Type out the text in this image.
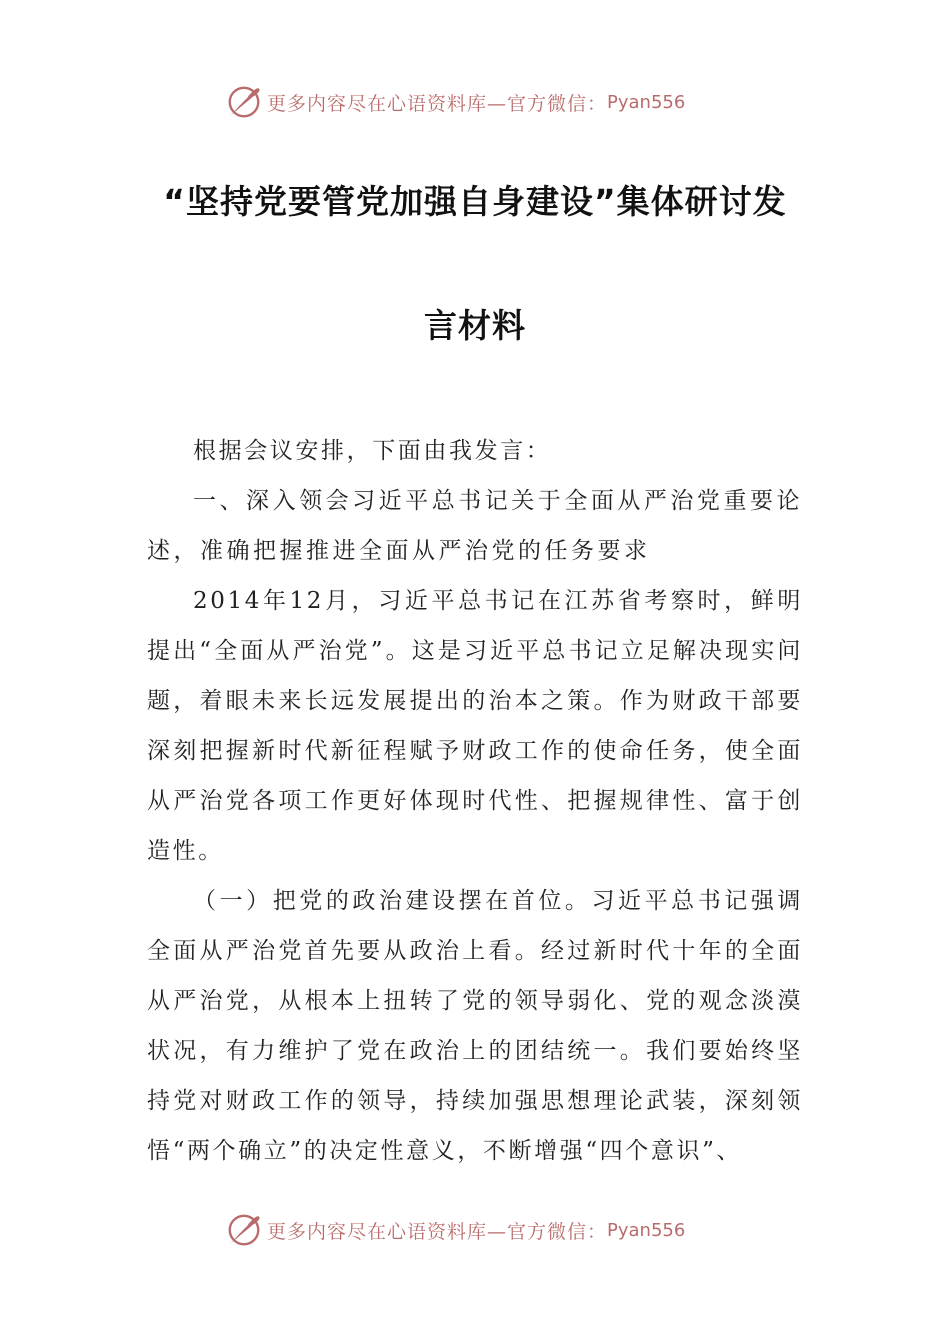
更多内容尽在心语资料库—官方微信： Pyan556
“坚持党要管党加强自身建设”集体研讨发
言材料

根据会议安排，下面由我发言：

一、深入领会习近平总书记关于全面从严治党重要论述，准确把握推进全面从严治党的任务要求

2014年12月，习近平总书记在江苏省考察时，鲜明提出“全面从严治党”。这是习近平总书记立足解决现实问题，着眼未来长远发展提出的治本之策。作为财政干部要深刻把握新时代新征程赋予财政工作的使命任务，使全面从严治党各项工作更好体现时代性、把握规律性、富于创造性。

（一）把党的政治建设摆在首位。习近平总书记强调全面从严治党首先要从政治上看。经过新时代十年的全面从严治党，从根本上扭转了党的领导弱化、党的观念淡漠状况，有力维护了党在政治上的团结统一。我们要始终坚持党对财政工作的领导，持续加强思想理论武装，深刻领悟“两个确立”的决定性意义，不断增强“四个意识”、

更多内容尽在心语资料库—官方微信： Pyan556
